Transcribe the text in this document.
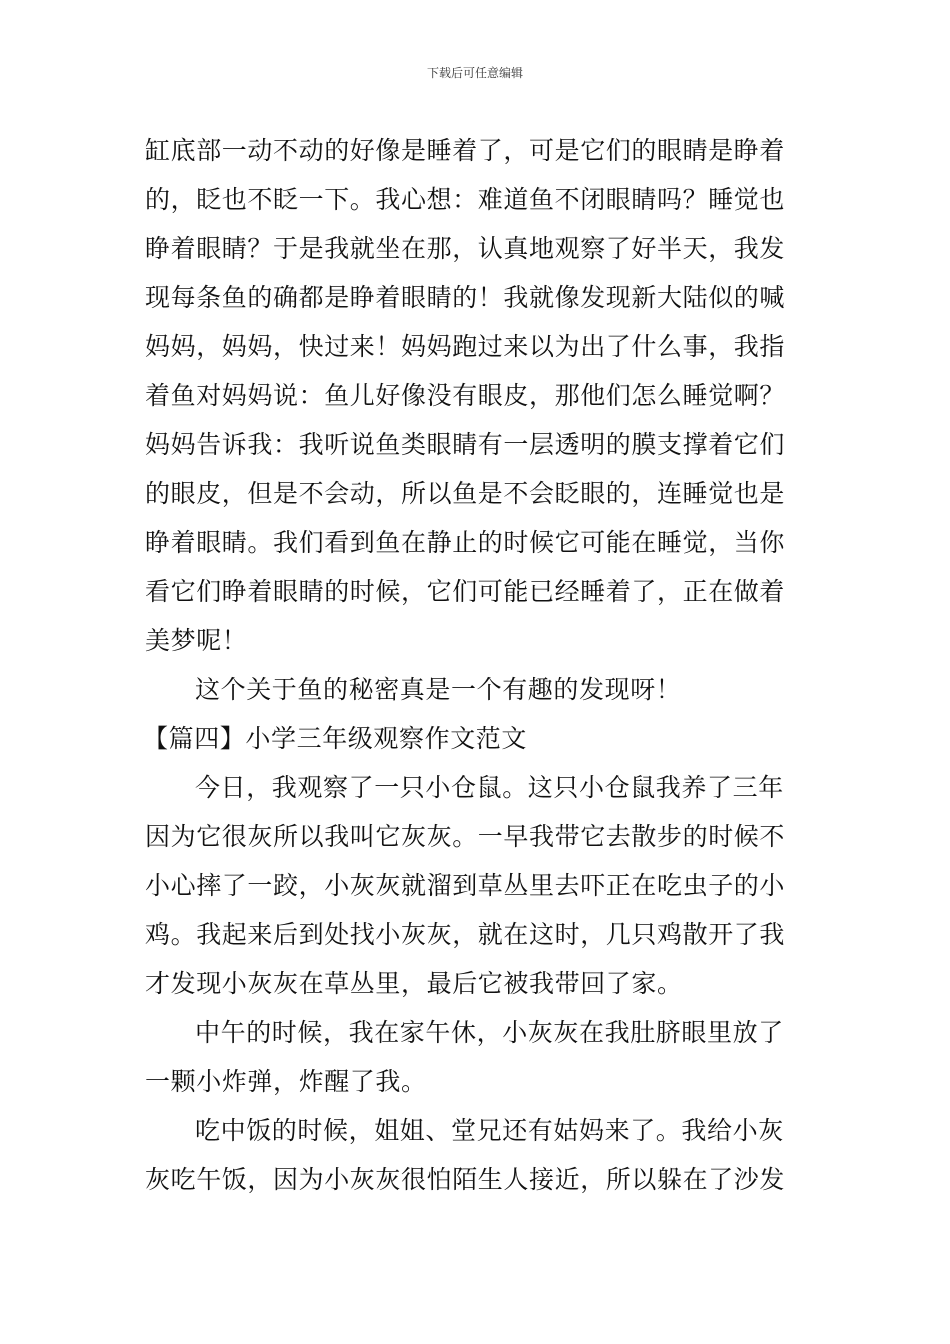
下载后可任意编辑
缸底部一动不动的好像是睡着了，可是它们的眼睛是睁着
的，眨也不眨一下。我心想：难道鱼不闭眼睛吗？睡觉也
睁着眼睛？于是我就坐在那，认真地观察了好半天，我发
现每条鱼的确都是睁着眼睛的！我就像发现新大陆似的喊
妈妈，妈妈，快过来！妈妈跑过来以为出了什么事，我指
着鱼对妈妈说：鱼儿好像没有眼皮，那他们怎么睡觉啊？
妈妈告诉我：我听说鱼类眼睛有一层透明的膜支撑着它们
的眼皮，但是不会动，所以鱼是不会眨眼的，连睡觉也是
睁着眼睛。我们看到鱼在静止的时候它可能在睡觉，当你
看它们睁着眼睛的时候，它们可能已经睡着了，正在做着
美梦呢！
这个关于鱼的秘密真是一个有趣的发现呀！
【篇四】小学三年级观察作文范文
今日，我观察了一只小仓鼠。这只小仓鼠我养了三年
因为它很灰所以我叫它灰灰。一早我带它去散步的时候不
小心摔了一跤，小灰灰就溜到草丛里去吓正在吃虫子的小
鸡。我起来后到处找小灰灰，就在这时，几只鸡散开了我
才发现小灰灰在草丛里，最后它被我带回了家。
中午的时候，我在家午休，小灰灰在我肚脐眼里放了
一颗小炸弹，炸醒了我。
吃中饭的时候，姐姐、堂兄还有姑妈来了。我给小灰
灰吃午饭，因为小灰灰很怕陌生人接近，所以躲在了沙发
